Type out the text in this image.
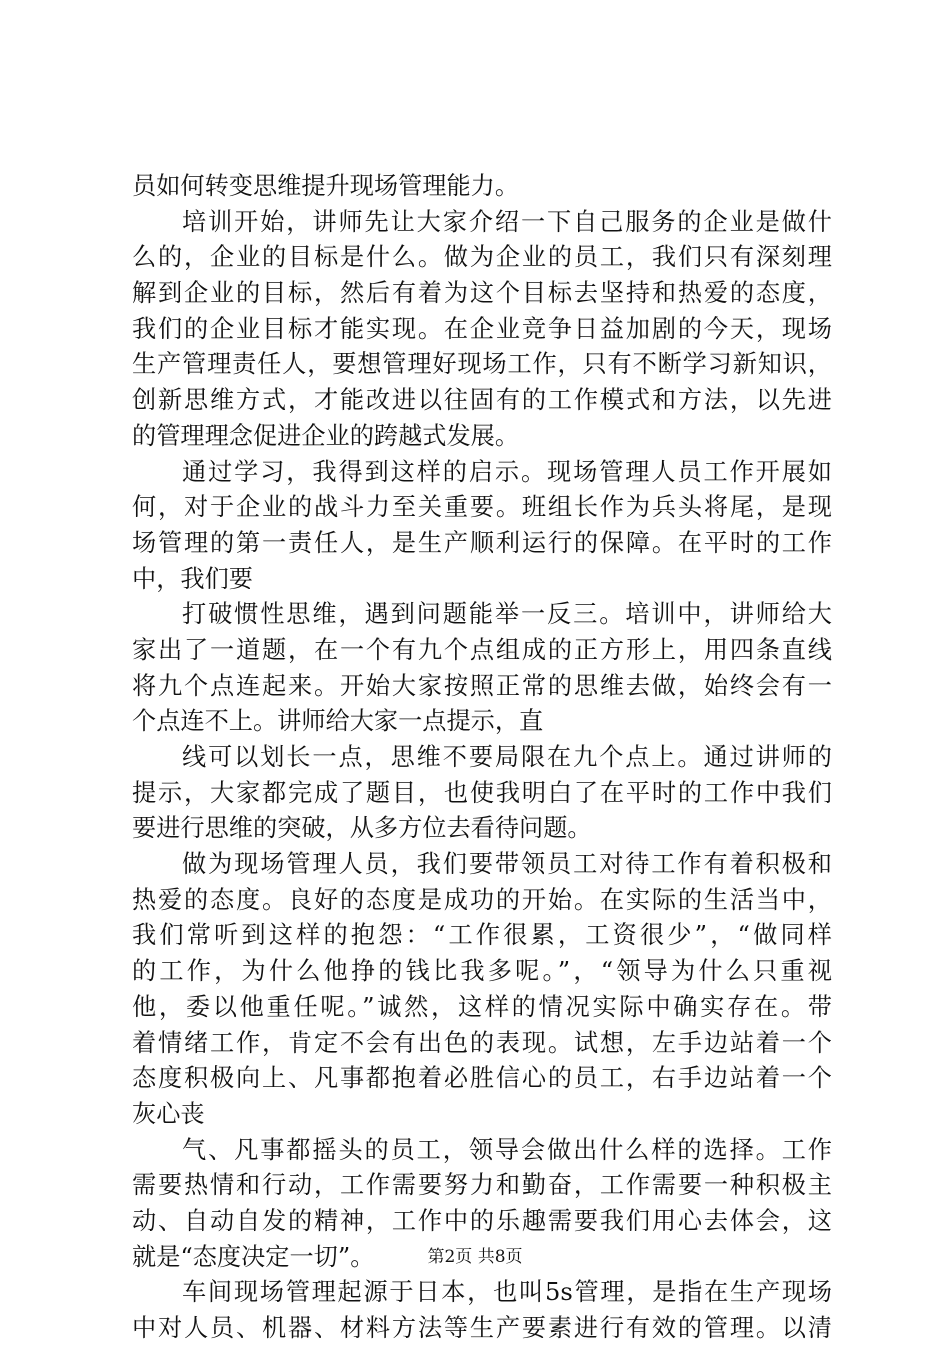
员如何转变思维提升现场管理能力。
培训开始，讲师先让大家介绍一下自己服务的企业是做什
么的，企业的目标是什么。做为企业的员工，我们只有深刻理
解到企业的目标，然后有着为这个目标去坚持和热爱的态度，
我们的企业目标才能实现。在企业竞争日益加剧的今天，现场
生产管理责任人，要想管理好现场工作，只有不断学习新知识，
创新思维方式，才能改进以往固有的工作模式和方法，以先进
的管理理念促进企业的跨越式发展。
通过学习，我得到这样的启示。现场管理人员工作开展如
何，对于企业的战斗力至关重要。班组长作为兵头将尾，是现
场管理的第一责任人，是生产顺利运行的保障。在平时的工作
中，我们要
打破惯性思维，遇到问题能举一反三。培训中，讲师给大
家出了一道题，在一个有九个点组成的正方形上，用四条直线
将九个点连起来。开始大家按照正常的思维去做，始终会有一
个点连不上。讲师给大家一点提示，直
线可以划长一点，思维不要局限在九个点上。通过讲师的
提示，大家都完成了题目，也使我明白了在平时的工作中我们
要进行思维的突破，从多方位去看待问题。
做为现场管理人员，我们要带领员工对待工作有着积极和
热爱的态度。良好的态度是成功的开始。在实际的生活当中，
我们常听到这样的抱怨：“工作很累，工资很少”，“做同样
的工作，为什么他挣的钱比我多呢。”，“领导为什么只重视
他，委以他重任呢。”诚然，这样的情况实际中确实存在。带
着情绪工作，肯定不会有出色的表现。试想，左手边站着一个
态度积极向上、凡事都抱着必胜信心的员工，右手边站着一个
灰心丧
气、凡事都摇头的员工，领导会做出什么样的选择。工作
需要热情和行动，工作需要努力和勤奋，工作需要一种积极主
动、自动自发的精神，工作中的乐趣需要我们用心去体会，这
就是“态度决定一切”。
车间现场管理起源于日本，也叫5s管理，是指在生产现场
中对人员、机器、材料方法等生产要素进行有效的管理。以清
第2页 共8页
